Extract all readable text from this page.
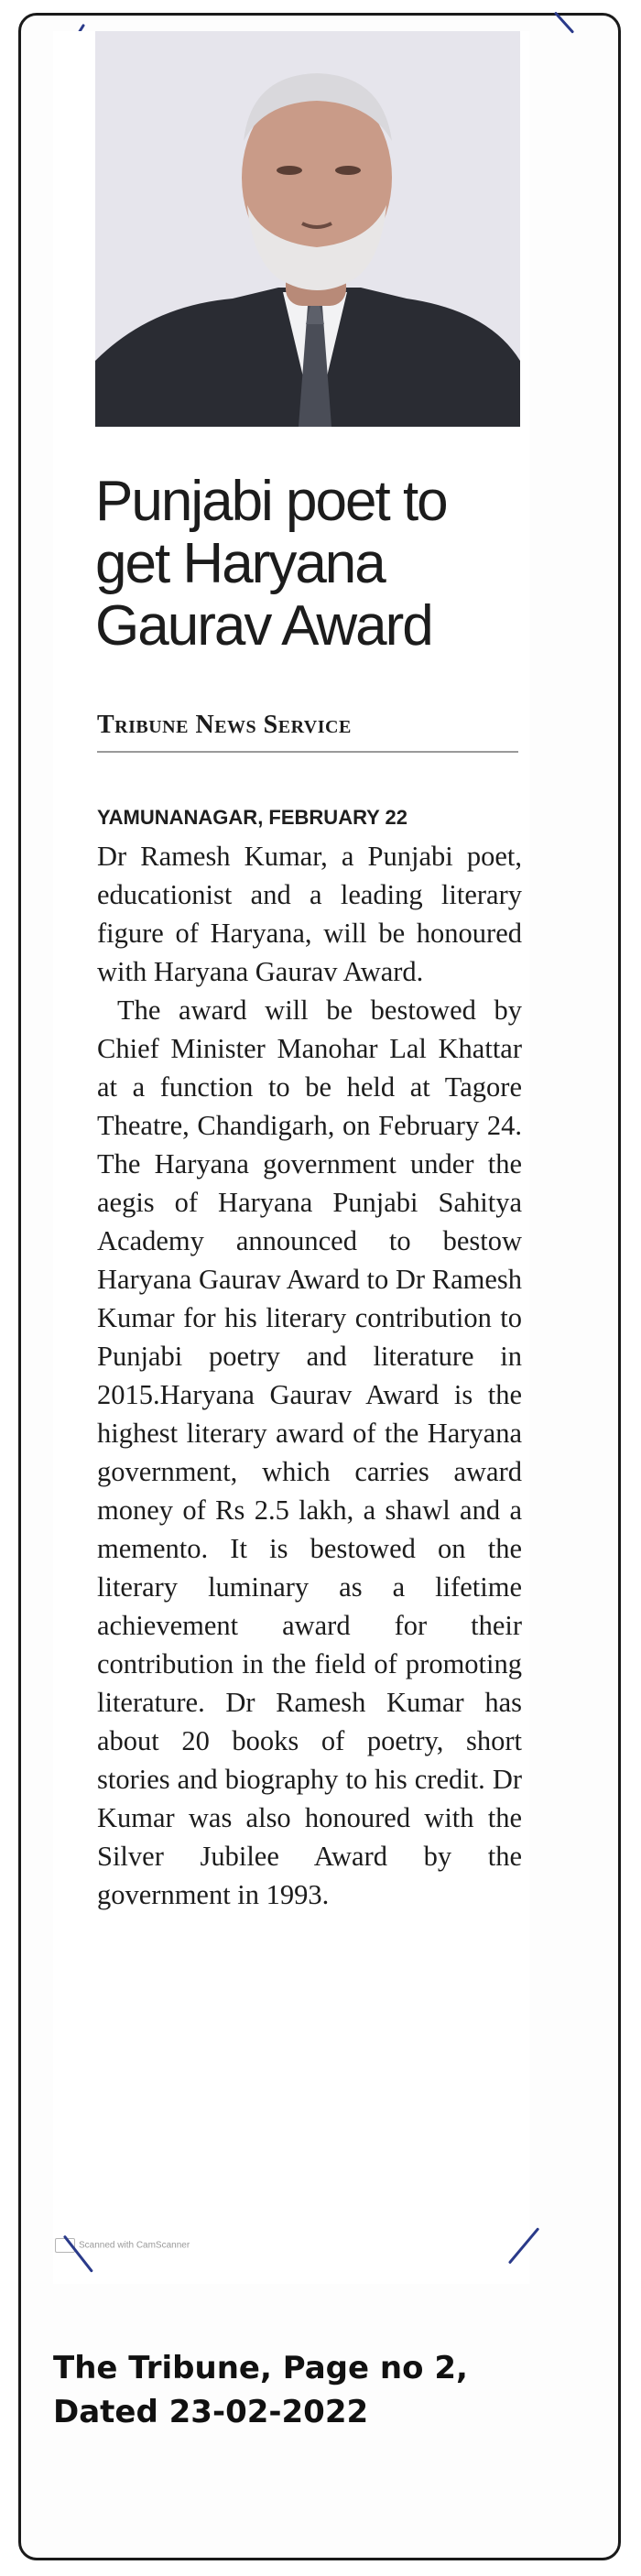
Punjabi poet to get Haryana Gaurav Award
Tribune News Service
YAMUNANAGAR, FEBRUARY 22

Dr Ramesh Kumar, a Punjabi poet, educationist and a leading literary figure of Haryana, will be honoured with Haryana Gaurav Award.

The award will be bestowed by Chief Minister Manohar Lal Khattar at a function to be held at Tagore Theatre, Chandigarh, on February 24. The Haryana government under the aegis of Haryana Punjabi Sahitya Academy announced to bestow Haryana Gaurav Award to Dr Ramesh Kumar for his literary contribution to Punjabi poetry and literature in 2015.Haryana Gaurav Award is the highest literary award of the Haryana government, which carries award money of Rs 2.5 lakh, a shawl and a memento. It is bestowed on the literary luminary as a lifetime achievement award for their contribution in the field of promoting literature. Dr Ramesh Kumar has about 20 books of poetry, short stories and biography to his credit. Dr Kumar was also honoured with the Silver Jubilee Award by the government in 1993.

Scanned with CamScanner
The Tribune, Page no 2,
Dated 23-02-2022
